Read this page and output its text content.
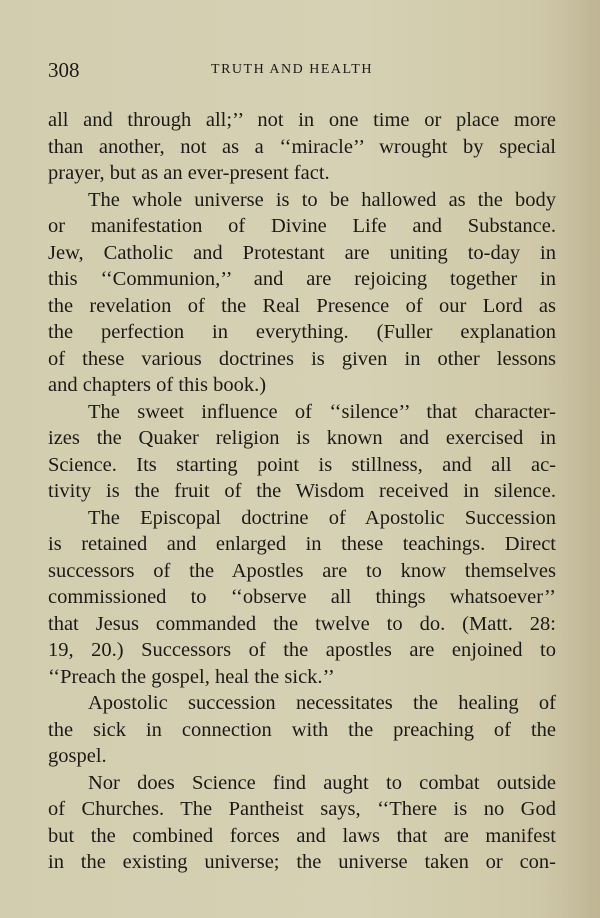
308	TRUTH AND HEALTH
all and through all;’’ not in one time or place more
than another, not as a ‘‘miracle’’ wrought by special
prayer, but as an ever-present fact.
The whole universe is to be hallowed as the body
or manifestation of Divine Life and Substance.
Jew, Catholic and Protestant are uniting to-day in
this ‘‘Communion,’’ and are rejoicing together in
the revelation of the Real Presence of our Lord as
the perfection in everything. (Fuller explanation
of these various doctrines is given in other lessons
and chapters of this book.)
The sweet influence of ‘‘silence’’ that character-
izes the Quaker religion is known and exercised in
Science. Its starting point is stillness, and all ac-
tivity is the fruit of the Wisdom received in silence.
The Episcopal doctrine of Apostolic Succession
is retained and enlarged in these teachings. Direct
successors of the Apostles are to know themselves
commissioned to ‘‘observe all things whatsoever’’
that Jesus commanded the twelve to do. (Matt. 28:
19, 20.) Successors of the apostles are enjoined to
‘‘Preach the gospel, heal the sick.’’
Apostolic succession necessitates the healing of
the sick in connection with the preaching of the
gospel.
Nor does Science find aught to combat outside
of Churches. The Pantheist says, ‘‘There is no God
but the combined forces and laws that are manifest
in the existing universe; the universe taken or con-
